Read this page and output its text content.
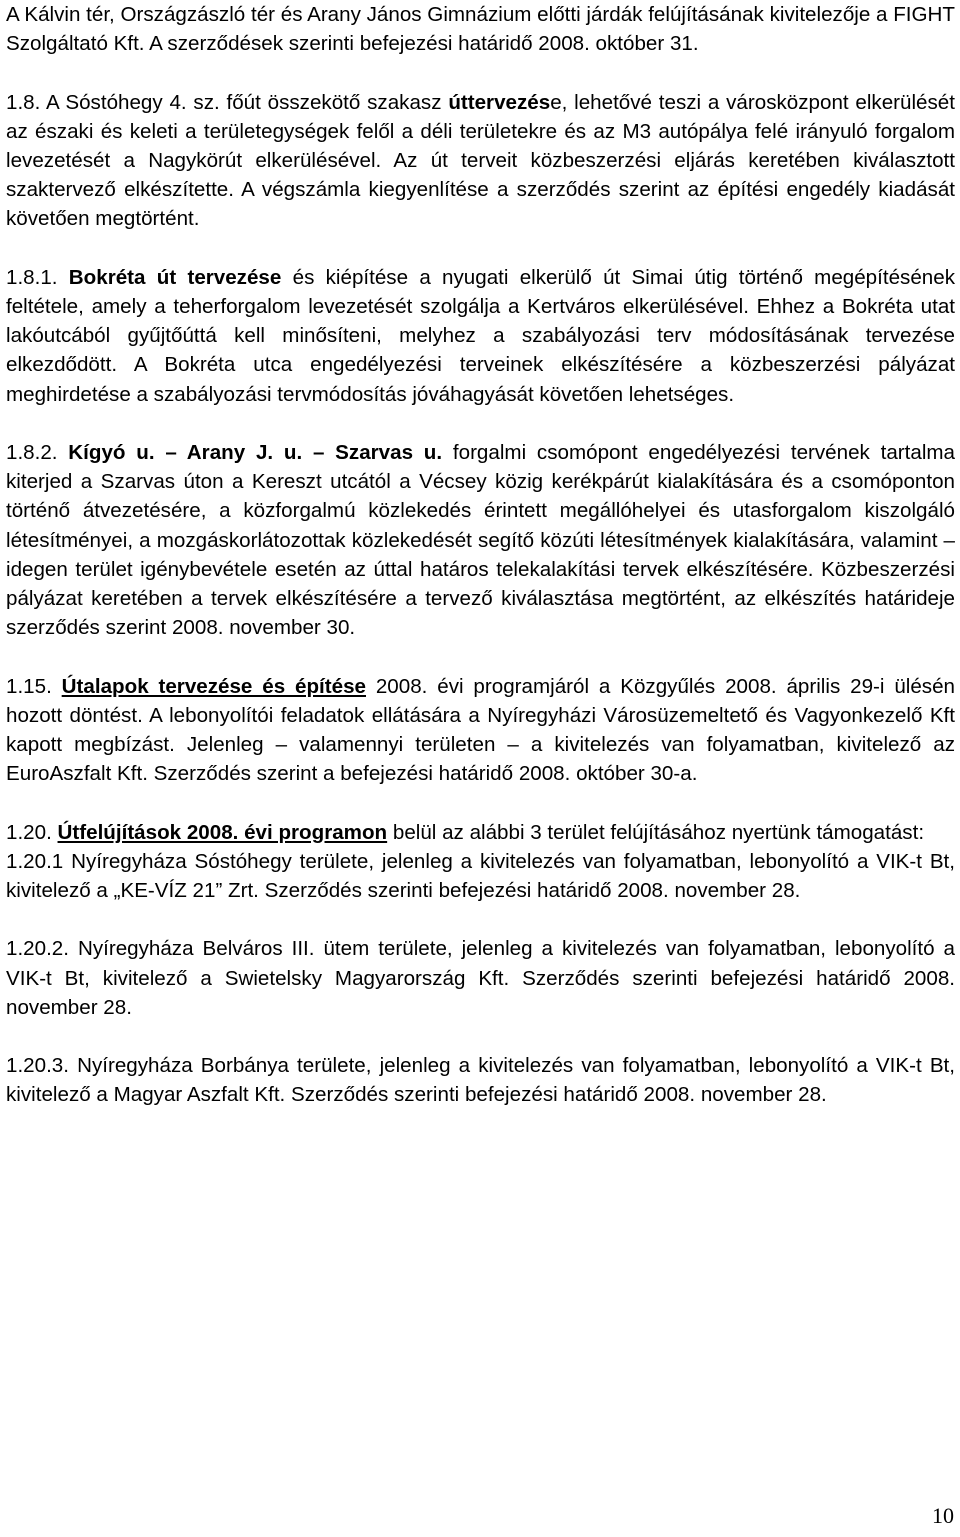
A Kálvin tér, Országzászló tér és Arany János Gimnázium előtti járdák felújításának kivitelezője a FIGHT Szolgáltató Kft. A szerződések szerinti befejezési határidő 2008. október 31.

1.8. A Sóstóhegy 4. sz. főút összekötő szakasz úttervezése, lehetővé teszi a városközpont elkerülését az északi és keleti a területegységek felől a déli területekre és az M3 autópálya felé irányuló forgalom levezetését a Nagykörút elkerülésével. Az út terveit közbeszerzési eljárás keretében kiválasztott szaktervező elkészítette. A végszámla kiegyenlítése a szerződés szerint az építési engedély kiadását követően megtörtént.

1.8.1. Bokréta út tervezése és kiépítése a nyugati elkerülő út Simai útig történő megépítésének feltétele, amely a teherforgalom levezetését szolgálja a Kertváros elkerülésével. Ehhez a Bokréta utat lakóutcából gyűjtőúttá kell minősíteni, melyhez a szabályozási terv módosításának tervezése elkezdődött. A Bokréta utca engedélyezési terveinek elkészítésére a közbeszerzési pályázat meghirdetése a szabályozási tervmódosítás jóváhagyását követően lehetséges.

1.8.2. Kígyó u. – Arany J. u. – Szarvas u. forgalmi csomópont engedélyezési tervének tartalma kiterjed a Szarvas úton a Kereszt utcától a Vécsey közig kerékpárút kialakítására és a csomóponton történő átvezetésére, a közforgalmú közlekedés érintett megállóhelyei és utasforgalom kiszolgáló létesítményei, a mozgáskorlátozottak közlekedését segítő közúti létesítmények kialakítására, valamint – idegen terület igénybevétele esetén az úttal határos telekalakítási tervek elkészítésére. Közbeszerzési pályázat keretében a tervek elkészítésére a tervező kiválasztása megtörtént, az elkészítés határideje szerződés szerint 2008. november 30.

1.15. Útalapok tervezése és építése 2008. évi programjáról a Közgyűlés 2008. április 29-i ülésén hozott döntést. A lebonyolítói feladatok ellátására a Nyíregyházi Városüzemeltető és Vagyonkezelő Kft kapott megbízást. Jelenleg – valamennyi területen – a kivitelezés van folyamatban, kivitelező az EuroAszfalt Kft. Szerződés szerint a befejezési határidő 2008. október 30-a.

1.20. Útfelújítások 2008. évi programon belül az alábbi 3 terület felújításához nyertünk támogatást:

1.20.1 Nyíregyháza Sóstóhegy területe, jelenleg a kivitelezés van folyamatban, lebonyolító a VIK-t Bt, kivitelező a „KE-VÍZ 21” Zrt. Szerződés szerinti befejezési határidő 2008. november 28.

1.20.2. Nyíregyháza Belváros III. ütem területe, jelenleg a kivitelezés van folyamatban, lebonyolító a VIK-t Bt, kivitelező a Swietelsky Magyarország Kft. Szerződés szerinti befejezési határidő 2008. november 28.

1.20.3. Nyíregyháza Borbánya területe, jelenleg a kivitelezés van folyamatban, lebonyolító a VIK-t Bt, kivitelező a Magyar Aszfalt Kft. Szerződés szerinti befejezési határidő 2008. november 28.

10
